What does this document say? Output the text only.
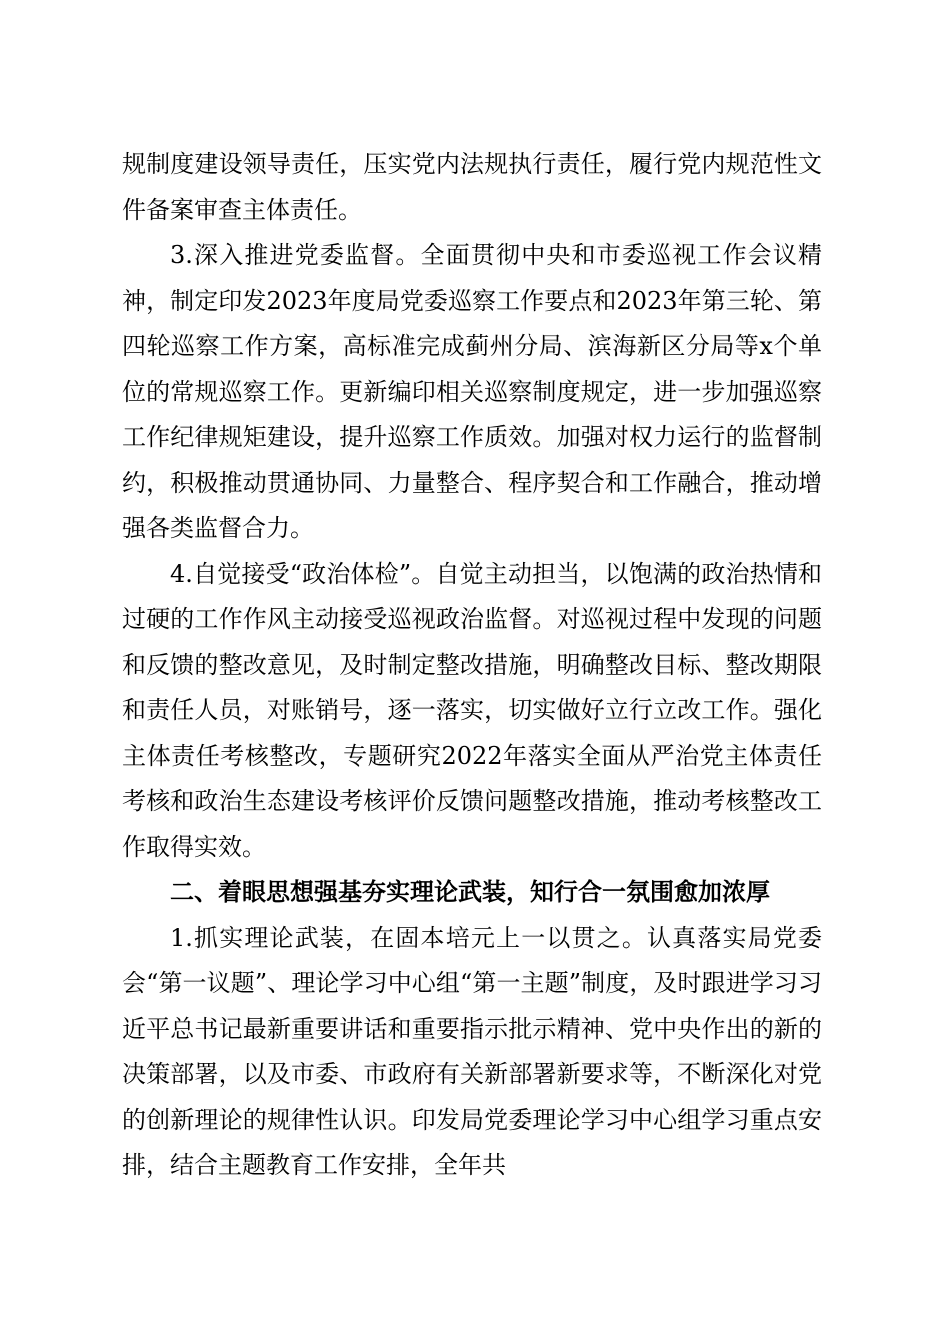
规制度建设领导责任，压实党内法规执行责任，履行党内规范性文件备案审查主体责任。

3.深入推进党委监督。全面贯彻中央和市委巡视工作会议精神，制定印发2023年度局党委巡察工作要点和2023年第三轮、第四轮巡察工作方案，高标准完成蓟州分局、滨海新区分局等x个单位的常规巡察工作。更新编印相关巡察制度规定，进一步加强巡察工作纪律规矩建设，提升巡察工作质效。加强对权力运行的监督制约，积极推动贯通协同、力量整合、程序契合和工作融合，推动增强各类监督合力。

4.自觉接受“政治体检”。自觉主动担当，以饱满的政治热情和过硬的工作作风主动接受巡视政治监督。对巡视过程中发现的问题和反馈的整改意见，及时制定整改措施，明确整改目标、整改期限和责任人员，对账销号，逐一落实，切实做好立行立改工作。强化主体责任考核整改，专题研究2022年落实全面从严治党主体责任考核和政治生态建设考核评价反馈问题整改措施，推动考核整改工作取得实效。

二、着眼思想强基夯实理论武装，知行合一氛围愈加浓厚

1.抓实理论武装，在固本培元上一以贯之。认真落实局党委会“第一议题”、理论学习中心组“第一主题”制度，及时跟进学习习近平总书记最新重要讲话和重要指示批示精神、党中央作出的新的决策部署，以及市委、市政府有关新部署新要求等，不断深化对党的创新理论的规律性认识。印发局党委理论学习中心组学习重点安排，结合主题教育工作安排，全年共
